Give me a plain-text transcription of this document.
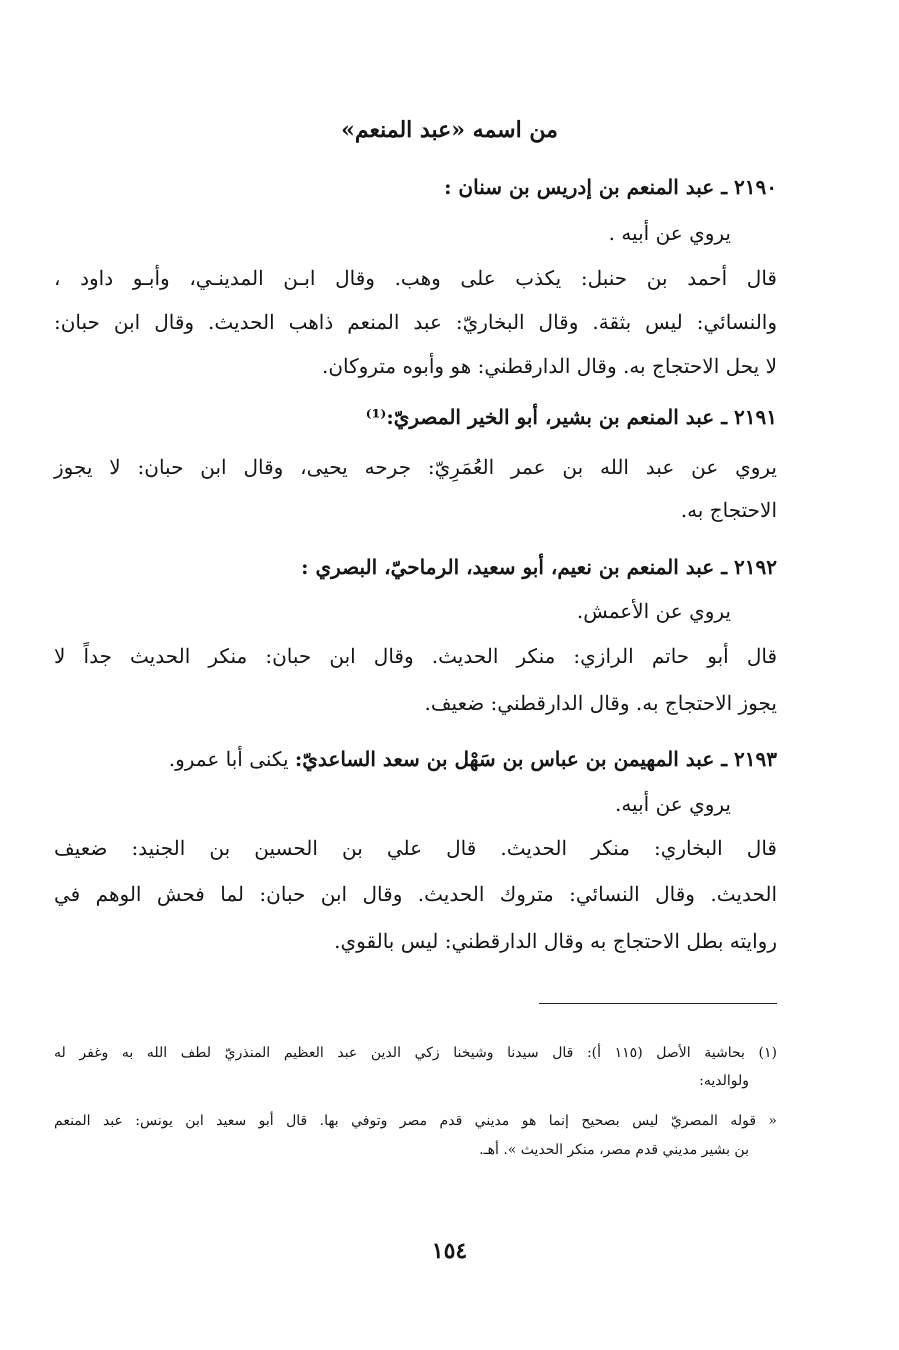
من اسمه «عبد المنعم»
٢١٩٠ ـ عبد المنعم بن إدريس بن سنان :
يروي عن أبيه .
قال أحمد بن حنبل: يكذب على وهب. وقال ابـن المدينـي، وأبـو داود ،
والنسائي: ليس بثقة. وقال البخاريّ: عبد المنعم ذاهب الحديث. وقال ابن حبان:
لا يحل الاحتجاج به. وقال الدارقطني: هو وأبوه متروكان.
٢١٩١ ـ عبد المنعم بن بشير، أبو الخير المصريّ:⁽¹⁾
يروي عن عبد الله بن عمر العُمَرِيّ: جرحه يحيى، وقال ابن حبان: لا يجوز
الاحتجاج به.
٢١٩٢ ـ عبد المنعم بن نعيم، أبو سعيد، الرماحيّ، البصري :
يروي عن الأعمش.
قال أبو حاتم الرازي: منكر الحديث. وقال ابن حبان: منكر الحديث جداً لا
يجوز الاحتجاج به. وقال الدارقطني: ضعيف.
٢١٩٣ ـ عبد المهيمن بن عباس بن سَهْل بن سعد الساعديّ: يكنى أبا عمرو.
يروي عن أبيه.
قال البخاري: منكر الحديث. قال علي بن الحسين بن الجنيد: ضعيف
الحديث. وقال النسائي: متروك الحديث. وقال ابن حبان: لما فحش الوهم في
روايته بطل الاحتجاج به وقال الدارقطني: ليس بالقوي.
(١) بحاشية الأصل (١١٥ أ): قال سيدنا وشيخنا زكي الدين عبد العظيم المنذريّ لطف الله به وغفر له
ولوالديه:
« قوله المصريّ ليس بصحيح إنما هو مديني قدم مصر وتوفي بها. قال أبو سعيد ابن يونس: عبد المنعم
بن بشير مديني قدم مصر، منكر الحديث ». أهـ.
١٥٤
